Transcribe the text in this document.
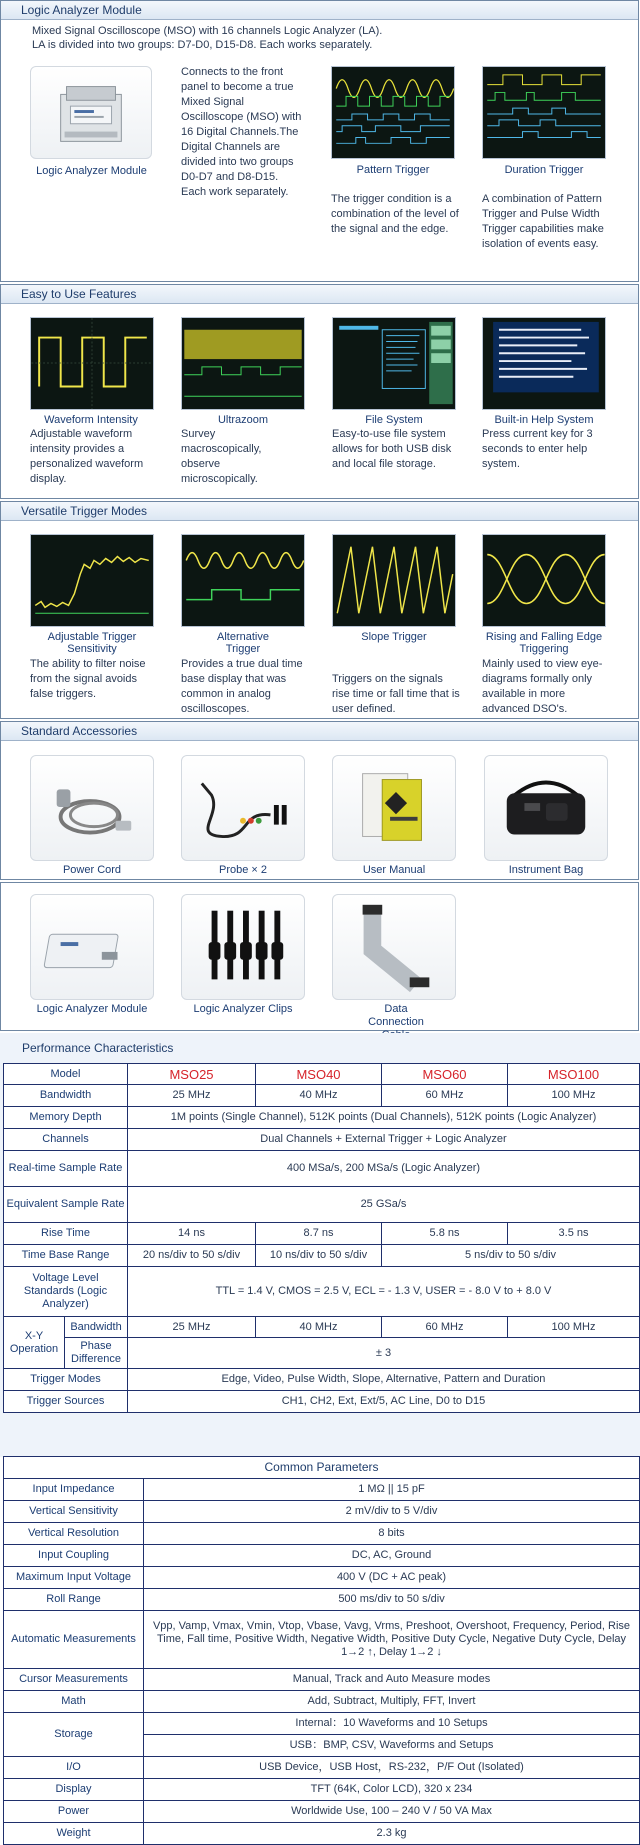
Logic Analyzer Module
Mixed Signal Oscilloscope (MSO) with 16 channels Logic Analyzer (LA).
LA is divided into two groups: D7-D0, D15-D8. Each works separately.
Logic Analyzer Module
Connects to the front panel to become a true Mixed Signal Oscilloscope (MSO) with 16 Digital Channels.The Digital Channels are divided into two groups D0-D7 and D8-D15. Each work separately.
Pattern Trigger
The trigger condition is a combination of the level of the signal and the edge.
Duration Trigger
A combination of Pattern Trigger and Pulse Width Trigger capabilities make isolation of events easy.
Easy to Use Features
Waveform Intensity
Adjustable waveform intensity provides a personalized waveform display.
Ultrazoom
Survey macroscopically, observe microscopically.
File System
Easy-to-use file system allows for both USB disk and local file storage.
Built-in Help System
Press current key for 3 seconds to enter help system.
Versatile Trigger Modes
Adjustable Trigger Sensitivity
The ability to filter noise from the signal avoids false triggers.
Alternative Trigger
Provides a true dual time base display that was common in analog oscilloscopes.
Slope Trigger
Triggers on the signals rise time or fall time that is user defined.
Rising and Falling Edge Triggering
Mainly used to view eye-diagrams formally only available in more advanced DSO's.
Standard Accessories
Power Cord	Probe × 2	User Manual	Instrument Bag
Logic Analyzer Module	Logic Analyzer Clips	Data Connection
Performance Characteristics
Model		MSO25	MSO40	MSO60	MSO100
Bandwidth		25 MHz	40 MHz	60 MHz	100 MHz
Memory Depth		1M points (Single Channel), 512K points (Dual Channels), 512K points (Logic Analyzer)			
Channels		Dual Channels + External Trigger + Logic Analyzer			
Real-time Sample Rate		400 MSa/s, 200 MSa/s (Logic Analyzer)			
Equivalent Sample Rate		25 GSa/s			
Rise Time		14 ns	8.7 ns	5.8 ns	3.5 ns
Time Base Range		20 ns/div to 50 s/div	10 ns/div to 50 s/div	5 ns/div to 50 s/div	
Voltage Level Standards (Logic Analyzer)		TTL = 1.4 V, CMOS = 2.5 V, ECL = - 1.3 V, USER = - 8.0 V to + 8.0 V			
X-Y Operation	Bandwidth	25 MHz	40 MHz	60 MHz	100 MHz
	Phase Difference	± 3			
Trigger Modes		Edge, Video, Pulse Width, Slope, Alternative, Pattern and Duration			
Trigger Sources		CH1, CH2, Ext, Ext/5, AC Line, D0 to D15			
Common Parameters	
Input Impedance	1 MΩ || 15 pF
Vertical Sensitivity	2 mV/div to 5 V/div
Vertical Resolution	8 bits
Input Coupling	DC, AC, Ground
Maximum Input Voltage	400 V (DC + AC peak)
Roll Range	500 ms/div to 50 s/div
Automatic Measurements	Vpp, Vamp, Vmax, Vmin, Vtop, Vbase, Vavg, Vrms, Preshoot, Overshoot, Frequency, Period, Rise Time, Fall time, Positive Width, Negative Width, Positive Duty Cycle, Negative Duty Cycle, Delay 1→2 ↑, Delay 1→2 ↓
Cursor Measurements	Manual, Track and Auto Measure modes
Math	Add, Subtract, Multiply, FFT, Invert
Storage	Internal：10 Waveforms and 10 Setups
	USB：BMP, CSV, Waveforms and Setups
I/O	USB Device，USB Host，RS-232，P/F Out (Isolated)
Display	TFT (64K, Color LCD), 320 x 234
Power	Worldwide Use, 100 – 240 V / 50 VA Max
Weight	2.3 kg
